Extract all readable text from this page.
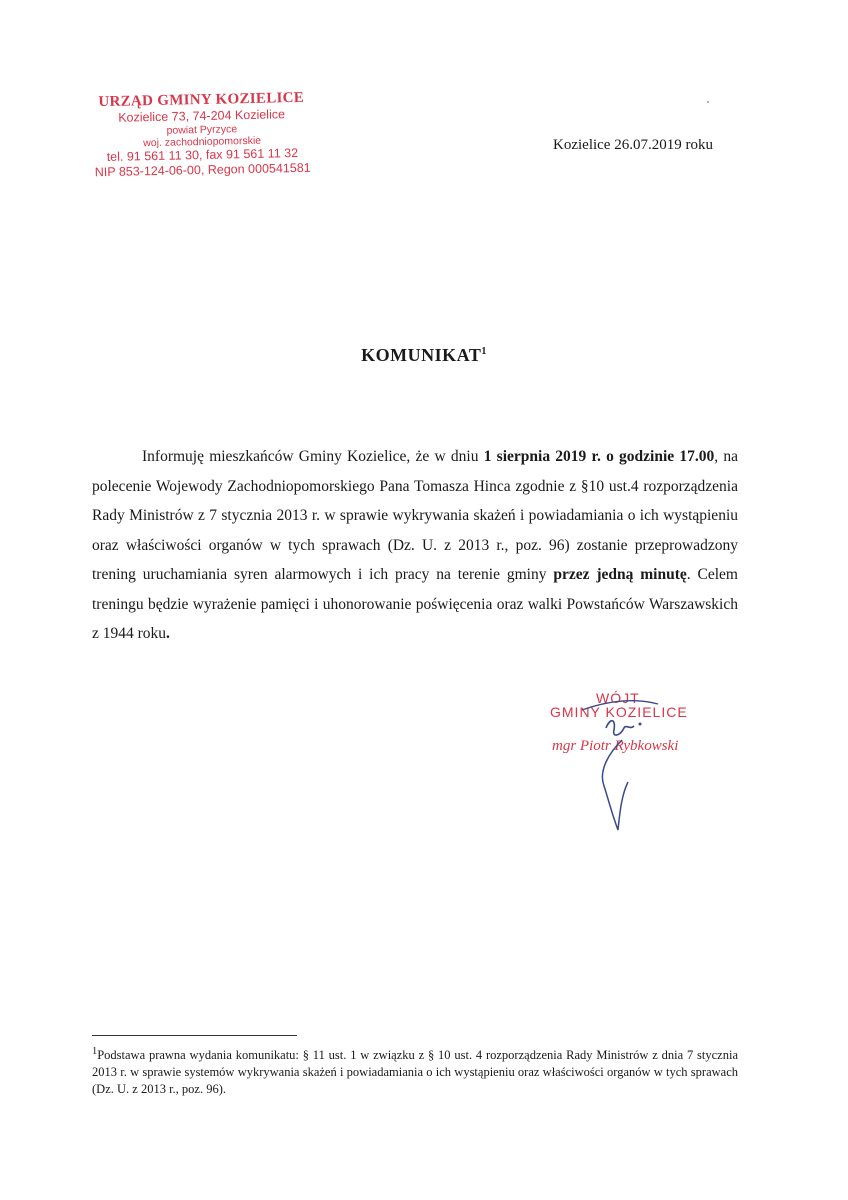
URZĄD GMINY KOZIELICE
Kozielice 73, 74-204 Kozielice
powiat Pyrzyce
woj. zachodniopomorskie
tel. 91 561 11 30, fax 91 561 11 32
NIP 853-124-06-00, Regon 000541581
Kozielice 26.07.2019 roku
KOMUNIKAT$^1$

Informuję mieszkańców Gminy Kozielice, że w dniu 1 sierpnia 2019 r. o godzinie 17.00, na polecenie Wojewody Zachodniopomorskiego Pana Tomasza Hinca zgodnie z §10 ust.4 rozporządzenia Rady Ministrów z 7 stycznia 2013 r. w sprawie wykrywania skażeń i powiadamiania o ich wystąpieniu oraz właściwości organów w tych sprawach (Dz. U. z 2013 r., poz. 96) zostanie przeprowadzony trening uruchamiania syren alarmowych i ich pracy na terenie gminy przez jedną minutę. Celem treningu będzie wyrażenie pamięci i uhonorowanie poświęcenia oraz walki Powstańców Warszawskich z 1944 roku.

WÓJT
GMINY KOZIELICE
mgr Piotr Rybkowski
$^1$Podstawa prawna wydania komunikatu: § 11 ust. 1 w związku z § 10 ust. 4 rozporządzenia Rady Ministrów z dnia 7 stycznia 2013 r. w sprawie systemów wykrywania skażeń i powiadamiania o ich wystąpieniu oraz właściwości organów w tych sprawach (Dz. U. z 2013 r., poz. 96).
